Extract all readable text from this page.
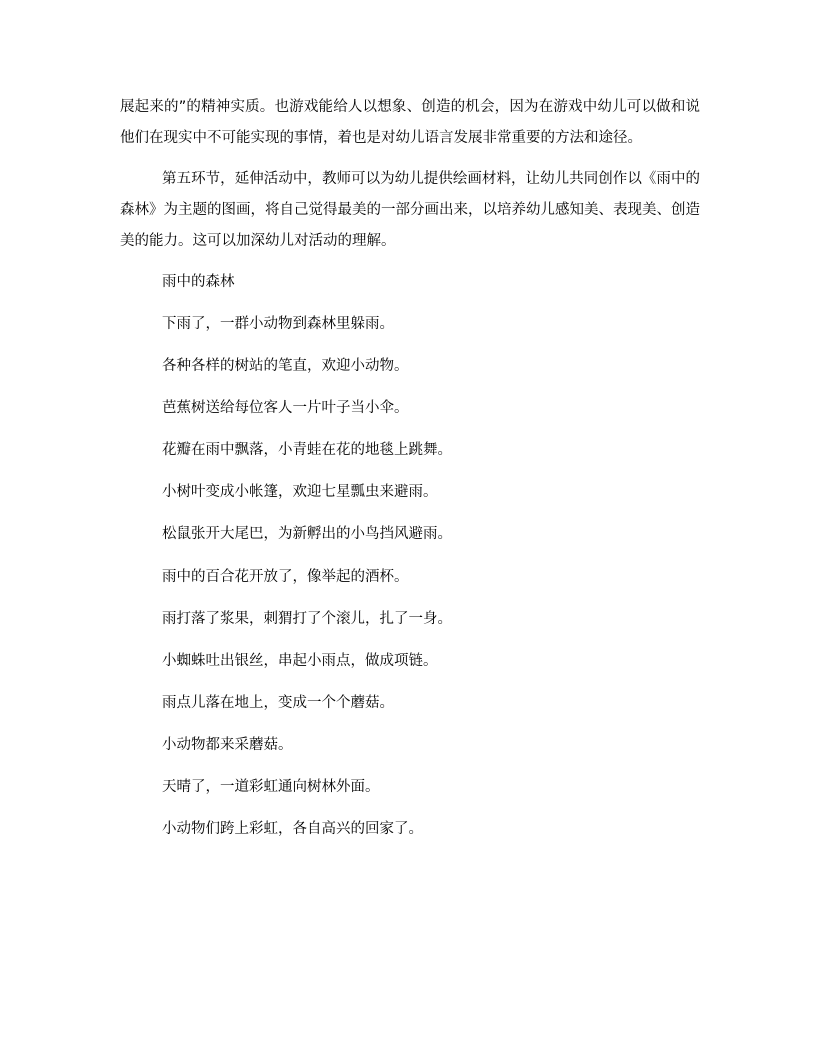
展起来的”的精神实质。也游戏能给人以想象、创造的机会，因为在游戏中幼儿可以做和说他们在现实中不可能实现的事情，着也是对幼儿语言发展非常重要的方法和途径。

第五环节，延伸活动中，教师可以为幼儿提供绘画材料，让幼儿共同创作以《雨中的森林》为主题的图画，将自己觉得最美的一部分画出来，以培养幼儿感知美、表现美、创造美的能力。这可以加深幼儿对活动的理解。

雨中的森林

下雨了，一群小动物到森林里躲雨。

各种各样的树站的笔直，欢迎小动物。

芭蕉树送给每位客人一片叶子当小伞。

花瓣在雨中飘落，小青蛙在花的地毯上跳舞。

小树叶变成小帐篷，欢迎七星瓢虫来避雨。

松鼠张开大尾巴，为新孵出的小鸟挡风避雨。

雨中的百合花开放了，像举起的酒杯。

雨打落了浆果，刺猬打了个滚儿，扎了一身。

小蜘蛛吐出银丝，串起小雨点，做成项链。

雨点儿落在地上，变成一个个蘑菇。

小动物都来采蘑菇。

天晴了，一道彩虹通向树林外面。

小动物们跨上彩虹，各自高兴的回家了。
